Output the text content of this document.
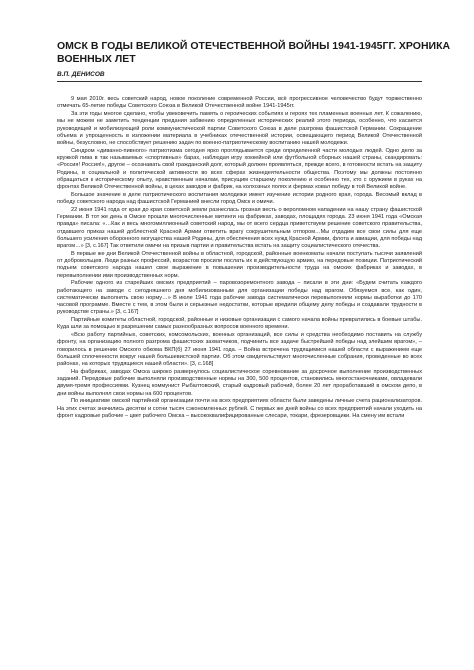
ОМСК В ГОДЫ ВЕЛИКОЙ ОТЕЧЕСТВЕННОЙ ВОЙНЫ 1941-1945ГГ. ХРОНИКА
ВОЕННЫХ ЛЕТ
В.П. ДЕНИСОВ

9 мая 2010г. весь советский народ, новое поколение современной России, всё прогрессивное человечество будут торжественно отмечать 65-летие победы Советского Союза в Великой Отечественной войне 1941-1945гг.

За эти годы многое сделано, чтобы увековечить память о героических событиях и героях тех пламенных военных лет. К сожалению, мы не можем не заметить тенденции предания забвению определенных исторических реалий этого периода, особенно, что касается руководящей и мобилизующей роли коммунистической партии Советского Союза в деле разгрома фашистской Германии. Сокращение объема и упрощенность в изложении материала в учебниках отечественной истории, освещающего период Великой Отечественной войны, безусловно, не способствует решению задач по военно-патриотическому воспитанию нашей молодежи.

Синдром «диванно-пивного» патриотизма сегодня ярко проглядывается среди определенной части молодых людей. Одно дело за кружкой пива в так называемых «спортивных» барах, наблюдая игру хоккейной или футбольной сборных нашей страны, скандировать: «Россия! Россия!», другое – осознавать свой гражданский долг, который должен проявляться, прежде всего, в готовности встать на защиту Родины, в социальной и политической активности во всех сферах жизнедеятельности общества. Поэтому мы должны постоянно обращаться к историческому опыту, нравственным началам, присущим старшему поколению и особенно тех, кто с оружием в руках на фронтах Великой Отечественной войны, в цехах заводов и фабрик, на колхозных полях и фермах ковал победу в той Великой войне.

Большое значение в деле патриотического воспитания молодежи имеет изучение истории родного края, города. Весомый вклад в победу советского народа над фашистской Германией внесли город Омск и омичи.

22 июня 1941 года от края до края советской земли разнеслась грозная весть о вероломном нападении на нашу страну фашистской Германии. В тот же день в Омске прошли многочисленные митинги на фабриках, заводах, площадях города. 23 июня 1941 года «Омская правда» писала: «…Как и весь многомиллионный советский народ, мы от всего сердца приветствуем решение советского правительства, отдавшего приказ нашей доблестной Красной Армии ответить врагу сокрушительным отпором…Мы отдадим все свои силы для еще большего усиления оборонного могущества нашей Родины, для обеспечения всех нужд Красной Армии, флота и авиации, для победы над врагом…» [3, с.167] Так ответили омичи на призыв партии и правительства встать на защиту социалистического отечества.

В первые же дни Великой Отечественной войны в областной, городской, районные военкоматы начали поступать тысячи заявлений от добровольцев. Люди разных профессий, возрастов просили послать их в действующую армию, на передовые позиции. Патриотический подъем советского народа нашел свое выражение в повышении производительности труда на омских фабриках и заводах, в перевыполнении ими производственных норм.

Рабочие одного из старейших омских предприятий – паровозоремонтного завода – писали в эти дни: «Будем считать каждого работающего на заводе с сегодняшнего дня мобилизованным для организации победы над врагом. Обязуемся все, как один, систематически выполнять свою норму…» В июле 1941 года рабочие завода систематически перевыполняли нормы выработки до 170 часовой программе. Вместе с тем, в этом были и серьезные недостатки, которые вредили общему делу победы и создавали трудности в руководстве страны.» [3, с.167]

Партийные комитеты областной, городской, районные и низовые организации с самого начала войны превратились в боевые штабы. Куда шли за помощью в разрешении самых разнообразных вопросов военного времени.

«Всю работу партийных, советских, комсомольских, военных организаций, все силы и средства необходимо поставить на службу фронту, на организацию полного разгрома фашистских захватчиков, подчинить все задаче быстрейшей победы над злейшим врагом», – говорилось в решении Омского обкома ВКП(б) 27 июня 1941 года. – Война встречена трудящимися нашей области с выражением еще большей сплоченности вокруг нашей большевистской партии. Об этом свидетельствуют многочисленные собрания, проведенные во всех районах, на которых трудящиеся нашей области». [3, с.168]

На фабриках, заводах Омска широко развернулось социалистическое соревнование за досрочное выполнение производственных заданий. Передовые рабочие выполняли производственные нормы на 300, 500 процентов, становились многостаночниками, овладевали двумя-тремя профессиями. Кузнец коммунист Рыбалтовский, старый кадровый рабочий, более 20 лет проработавший в омском депо, в дни войны выполнял свои нормы на 600 процентов.

По инициативе омской партийной организации почти на всех предприятиях области были заведены личные счета рационализаторов. На этих счетах значились десятки и сотни тысяч сэкономленных рублей. С первых же дней войны со всех предприятий начали уходить на фронт кадровые рабочие – цвет рабочего Омска – высококвалифицированные слесари, токари, фрезеровщики. На смену им встали
